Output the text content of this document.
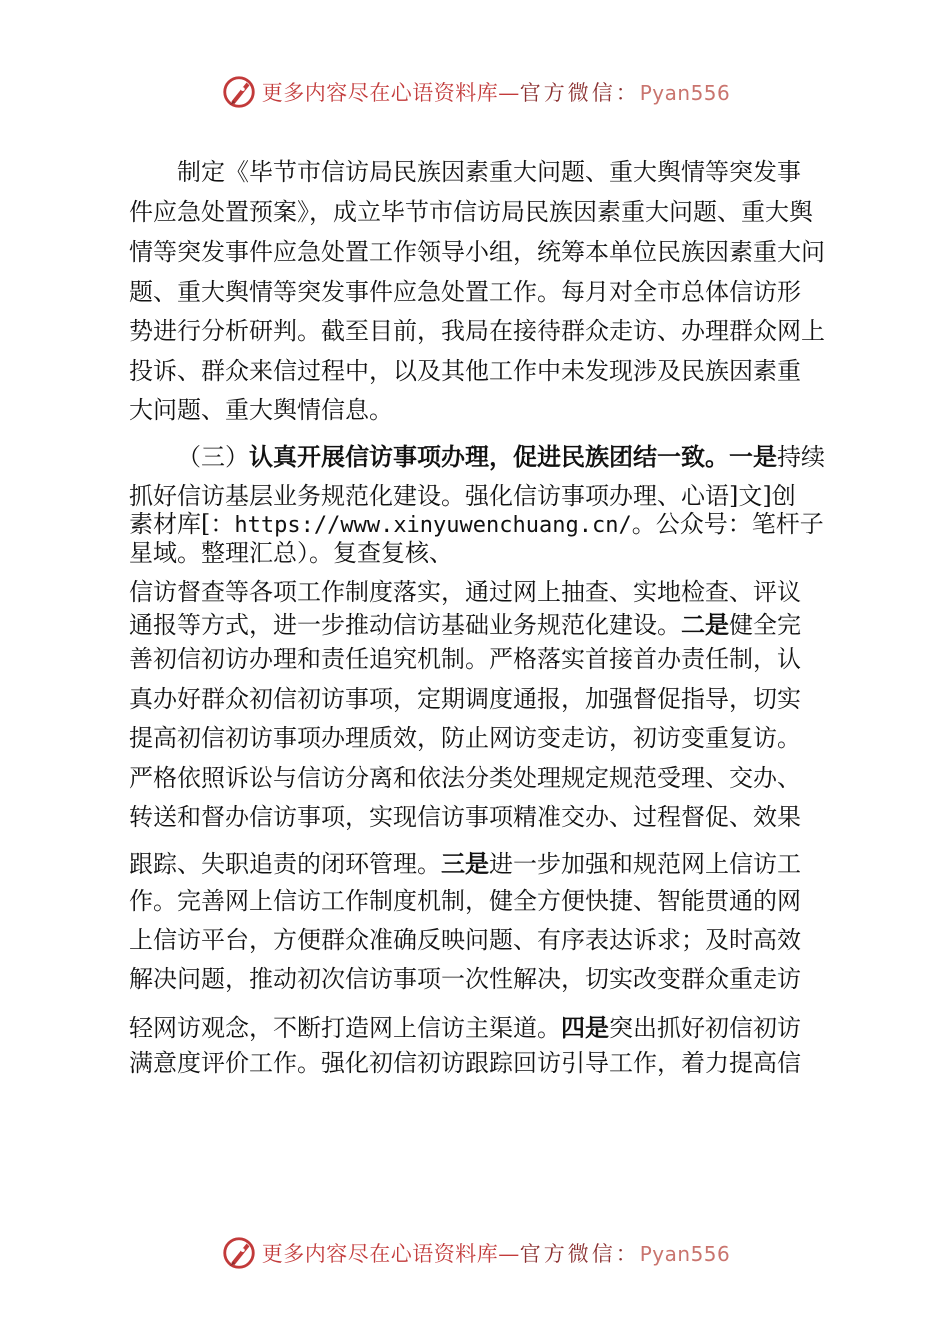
更多内容尽在心语资料库—官方微信：Pyan556
制定《毕节市信访局民族因素重大问题、重大舆情等突发事
件应急处置预案》，成立毕节市信访局民族因素重大问题、重大舆
情等突发事件应急处置工作领导小组，统筹本单位民族因素重大问
题、重大舆情等突发事件应急处置工作。每月对全市总体信访形
势进行分析研判。截至目前，我局在接待群众走访、办理群众网上
投诉、群众来信过程中，以及其他工作中未发现涉及民族因素重
大问题、重大舆情信息。
（三）认真开展信访事项办理，促进民族团结一致。一是持续
抓好信访基层业务规范化建设。强化信访事项办理、心语]文]创
素材库[：https://www.xinyuwenchuang.cn/。公众号：笔杆子
星域。整理汇总）。复查复核、
信访督查等各项工作制度落实，通过网上抽查、实地检查、评议
通报等方式，进一步推动信访基础业务规范化建设。二是健全完
善初信初访办理和责任追究机制。严格落实首接首办责任制，认
真办好群众初信初访事项，定期调度通报，加强督促指导，切实
提高初信初访事项办理质效，防止网访变走访，初访变重复访。
严格依照诉讼与信访分离和依法分类处理规定规范受理、交办、
转送和督办信访事项，实现信访事项精准交办、过程督促、效果
跟踪、失职追责的闭环管理。三是进一步加强和规范网上信访工
作。完善网上信访工作制度机制，健全方便快捷、智能贯通的网
上信访平台，方便群众准确反映问题、有序表达诉求；及时高效
解决问题，推动初次信访事项一次性解决，切实改变群众重走访
轻网访观念，不断打造网上信访主渠道。四是突出抓好初信初访
满意度评价工作。强化初信初访跟踪回访引导工作，着力提高信
更多内容尽在心语资料库—官方微信：Pyan556
